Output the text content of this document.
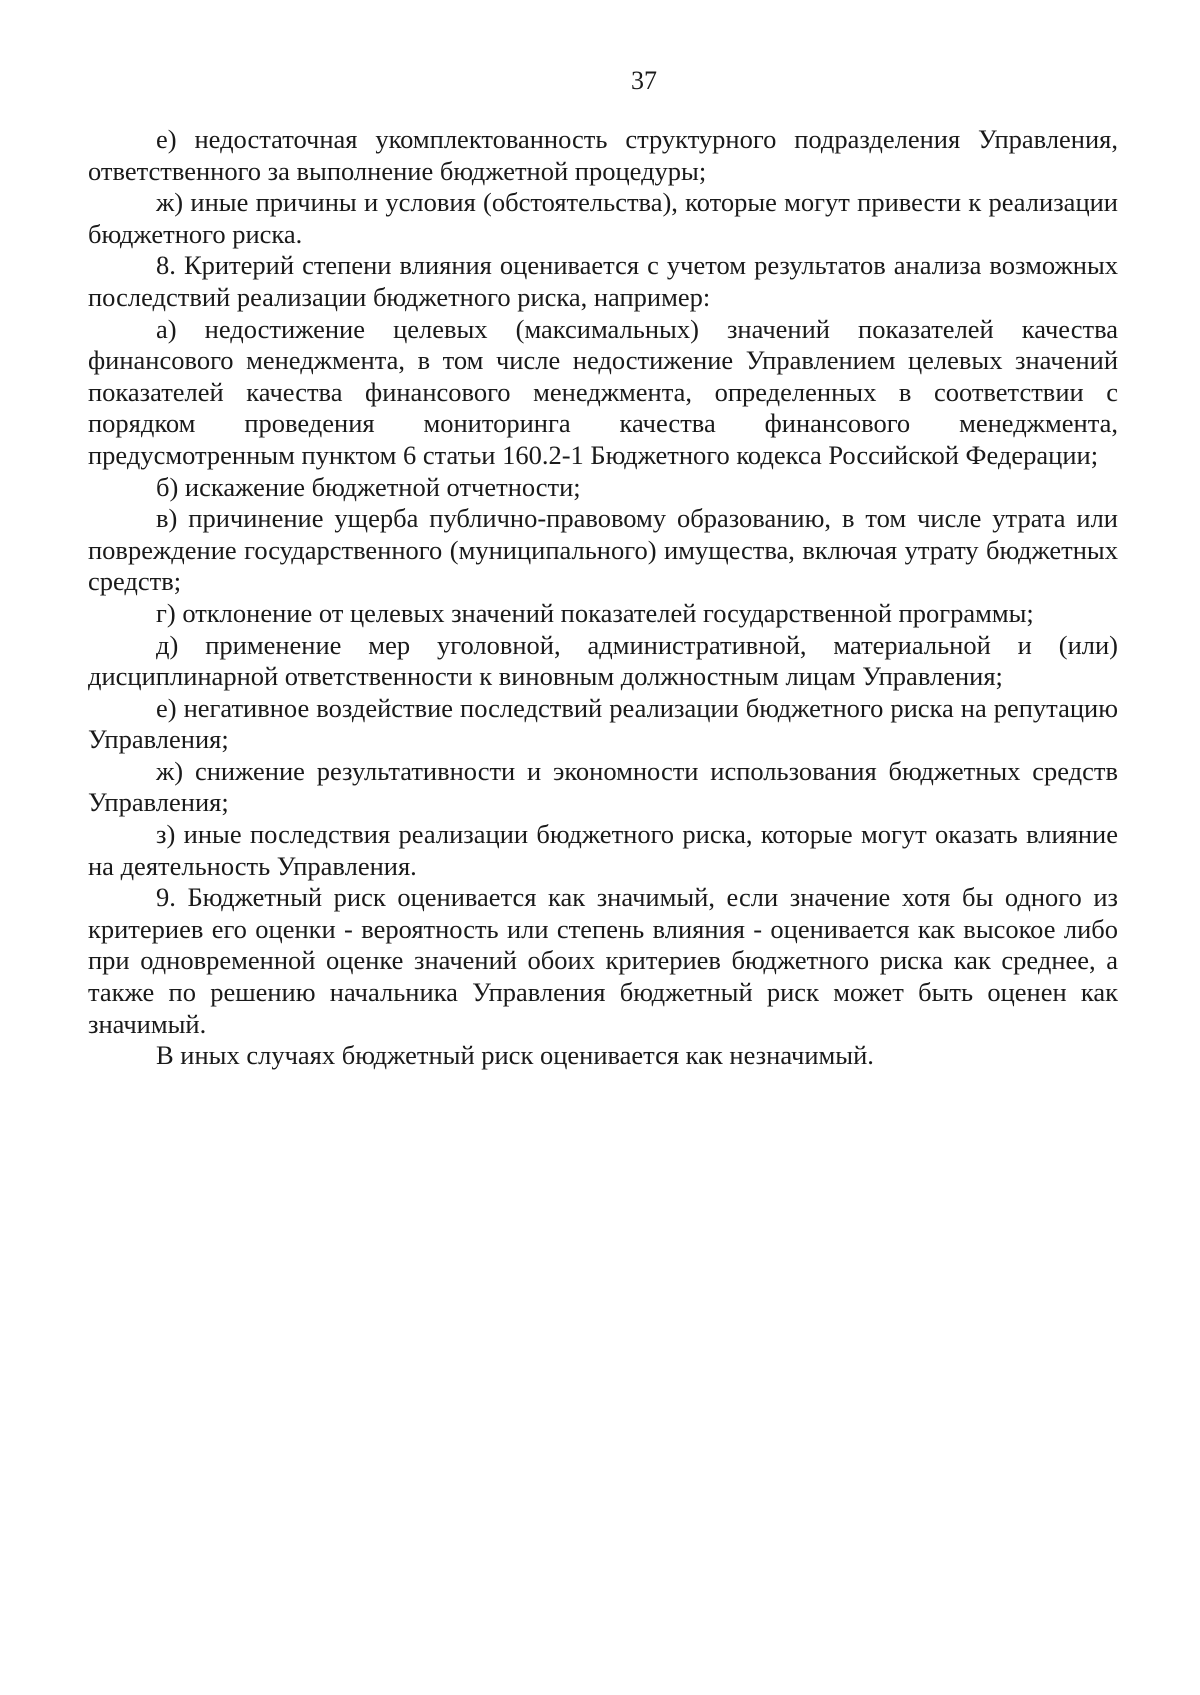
37

е) недостаточная укомплектованность структурного подразделения Управления, ответственного за выполнение бюджетной процедуры;

ж) иные причины и условия (обстоятельства), которые могут привести к реализации бюджетного риска.

8. Критерий степени влияния оценивается с учетом результатов анализа возможных последствий реализации бюджетного риска, например:

а) недостижение целевых (максимальных) значений показателей качества финансового менеджмента, в том числе недостижение Управлением целевых значений показателей качества финансового менеджмента, определенных в соответствии с порядком проведения мониторинга качества финансового менеджмента, предусмотренным пунктом 6 статьи 160.2-1 Бюджетного кодекса Российской Федерации;

б) искажение бюджетной отчетности;

в) причинение ущерба публично-правовому образованию, в том числе утрата или повреждение государственного (муниципального) имущества, включая утрату бюджетных средств;

г) отклонение от целевых значений показателей государственной программы;

д) применение мер уголовной, административной, материальной и (или) дисциплинарной ответственности к виновным должностным лицам Управления;

е) негативное воздействие последствий реализации бюджетного риска на репутацию Управления;

ж) снижение результативности и экономности использования бюджетных средств Управления;

з) иные последствия реализации бюджетного риска, которые могут оказать влияние на деятельность Управления.

9. Бюджетный риск оценивается как значимый, если значение хотя бы одного из критериев его оценки - вероятность или степень влияния - оценивается как высокое либо при одновременной оценке значений обоих критериев бюджетного риска как среднее, а также по решению начальника Управления бюджетный риск может быть оценен как значимый.

В иных случаях бюджетный риск оценивается как незначимый.
